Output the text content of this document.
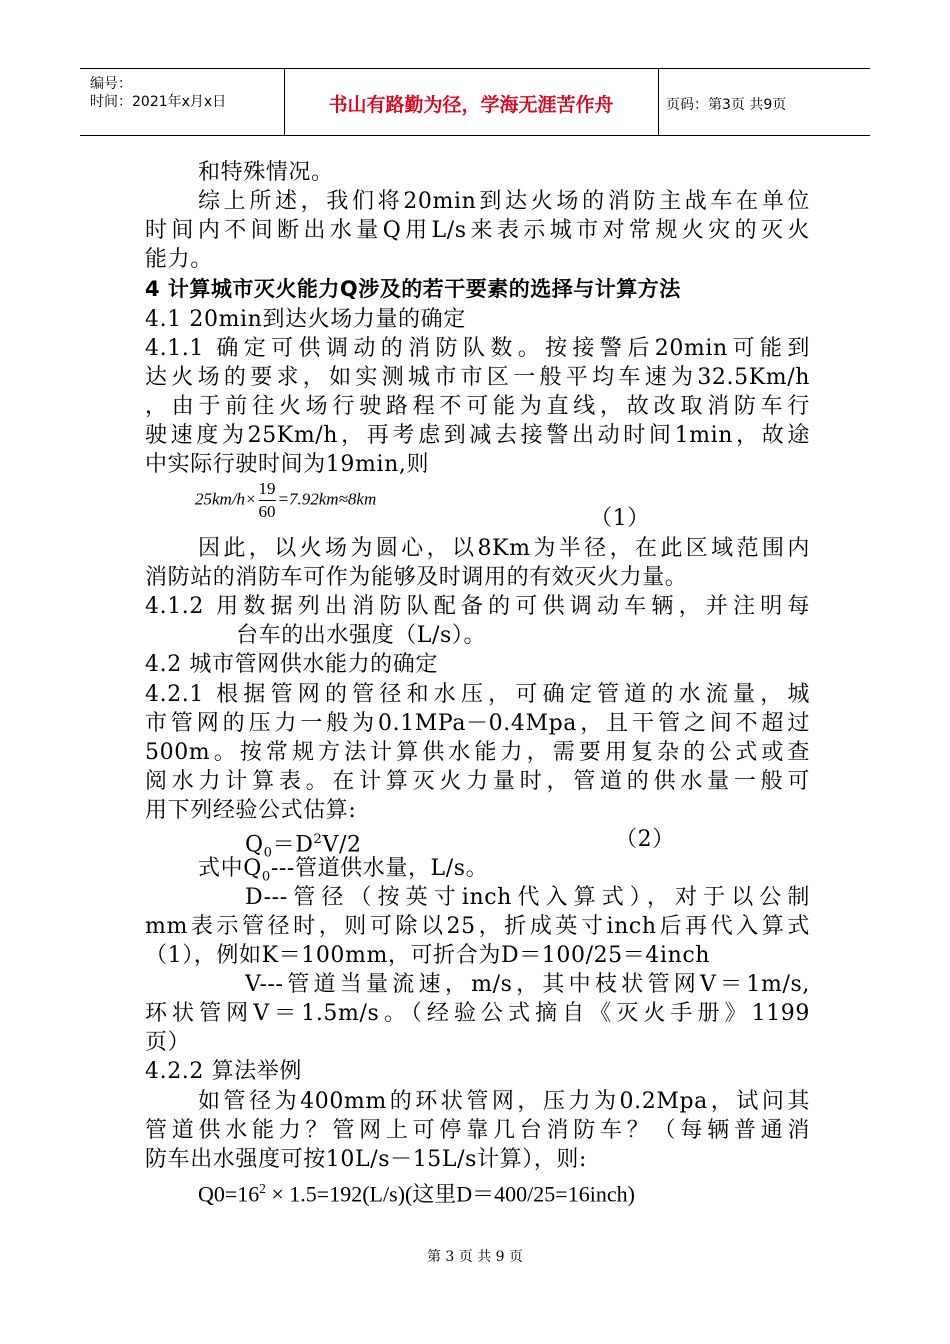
编号：
时间：2021年x月x日	书山有路勤为径，学海无涯苦作舟	页码：第3页 共9页

和特殊情况。

综上所述，我们将20min到达火场的消防主战车在单位

时间内不间断出水量Q用L/s来表示城市对常规火灾的灭火

能力。

4 计算城市灭火能力Q涉及的若干要素的选择与计算方法

4.1 20min到达火场力量的确定

4.1.1 确定可供调动的消防队数。按接警后20min可能到

达火场的要求，如实测城市市区一般平均车速为32.5Km/h

，由于前往火场行驶路程不可能为直线，故改取消防车行

驶速度为25Km/h，再考虑到减去接警出动时间1min，故途

中实际行驶时间为19min,则

$25km/h\times \frac{19}{60} =7.92km\approx 8km$

（1）

因此，以火场为圆心，以8Km为半径，在此区域范围内

消防站的消防车可作为能够及时调用的有效灭火力量。

4.1.2 用数据列出消防队配备的可供调动车辆，并注明每

台车的出水强度（L/s）。

4.2 城市管网供水能力的确定

4.2.1 根据管网的管径和水压，可确定管道的水流量，城

市管网的压力一般为0.1MPa－0.4Mpa，且干管之间不超过

500m。按常规方法计算供水能力，需要用复杂的公式或查

阅水力计算表。在计算灭火力量时，管道的供水量一般可

用下列经验公式估算:

$Q_0=D^2V/2$	（2）

式中$Q_0---$管道供水量，L/s。

D---管径（按英寸inch代入算式），对于以公制

mm表示管径时，则可除以25，折成英寸inch后再代入算式

（1），例如K＝100mm，可折合为D＝100/25＝4inch

V---管道当量流速，m/s，其中枝状管网V＝1m/s,

环状管网V＝1.5m/s。（经验公式摘自《灭火手册》1199

页）

4.2.2 算法举例

如管径为400mm的环状管网，压力为0.2Mpa，试问其

管道供水能力？管网上可停靠几台消防车？（每辆普通消

防车出水强度可按10L/s－15L/s计算），则:

$Q0=16^2 \times 1.5=192(L/s)$(这里D＝400/25=16inch)

第 3 页 共 9 页
